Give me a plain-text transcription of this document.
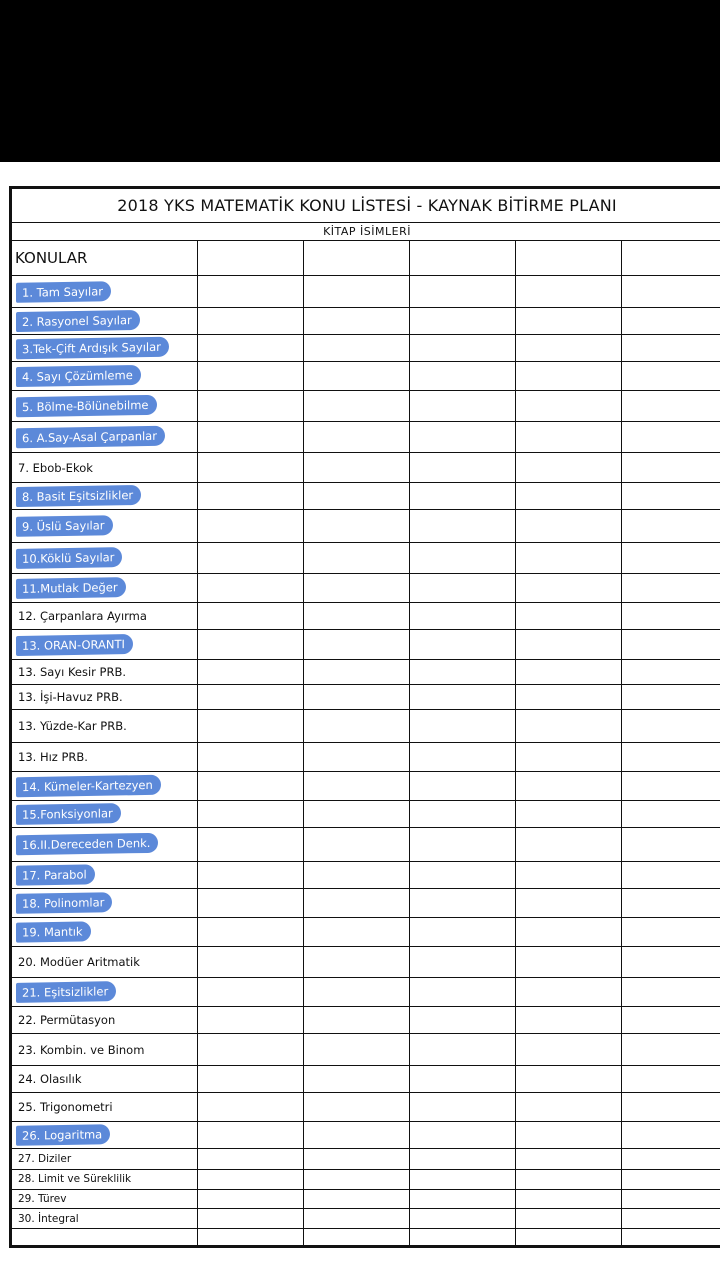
2018 YKS MATEMATİK KONU LİSTESİ - KAYNAK BİTİRME PLANI					
KİTAP İSİMLERİ					
KONULAR					
1. Tam Sayılar					
2. Rasyonel Sayılar					
3.Tek-Çift Ardışık Sayılar					
4. Sayı Çözümleme					
5. Bölme-Bölünebilme					
6. A.Say-Asal Çarpanlar					
7. Ebob-Ekok					
8. Basit Eşitsizlikler					
9. Üslü Sayılar					
10.Köklü Sayılar					
11.Mutlak Değer					
12. Çarpanlara Ayırma					
13. ORAN-ORANTI					
13. Sayı Kesir PRB.					
13. İşi-Havuz PRB.					
13. Yüzde-Kar PRB.					
13. Hız PRB.					
14. Kümeler-Kartezyen					
15.Fonksiyonlar					
16.II.Dereceden Denk.					
17. Parabol					
18. Polinomlar					
19. Mantık					
20. Modüer Aritmatik					
21. Eşitsizlikler					
22. Permütasyon					
23. Kombin. ve Binom					
24. Olasılık					
25. Trigonometri					
26. Logaritma					
27. Diziler					
28. Limit ve Süreklilik					
29. Türev					
30. İntegral					
